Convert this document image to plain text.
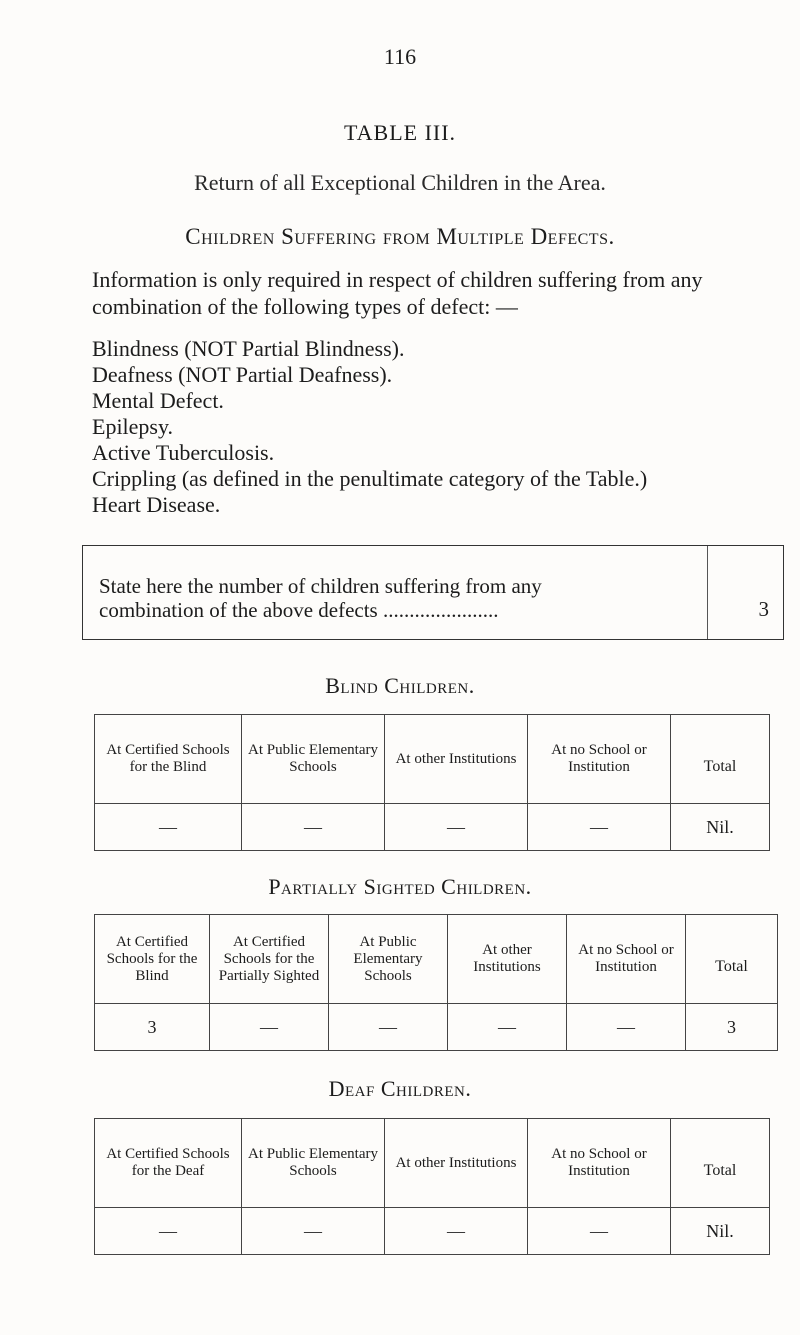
116
TABLE III.
Return of all Exceptional Children in the Area.
Children Suffering from Multiple Defects.
Information is only required in respect of children suffering from any combination of the following types of defect: —
Blindness (NOT Partial Blindness).
Deafness (NOT Partial Deafness).
Mental Defect.
Epilepsy.
Active Tuberculosis.
Crippling (as defined in the penultimate category of the Table.)
Heart Disease.
State here the number of children suffering from any
combination of the above defects ......................	3
Blind Children.
At Certified Schools for the Blind	At Public Elementary Schools	At other Institutions	At no School or Institution	Total
—	—	—	—	Nil.
Partially Sighted Children.
At Certified Schools for the Blind	At Certified Schools for the Partially Sighted	At Public Elementary Schools	At other Institutions	At no School or Institution	Total
3	—	—	—	—	3
Deaf Children.
At Certified Schools for the Deaf	At Public Elementary Schools	At other Institutions	At no School or Institution	Total
—	—	—	—	Nil.
